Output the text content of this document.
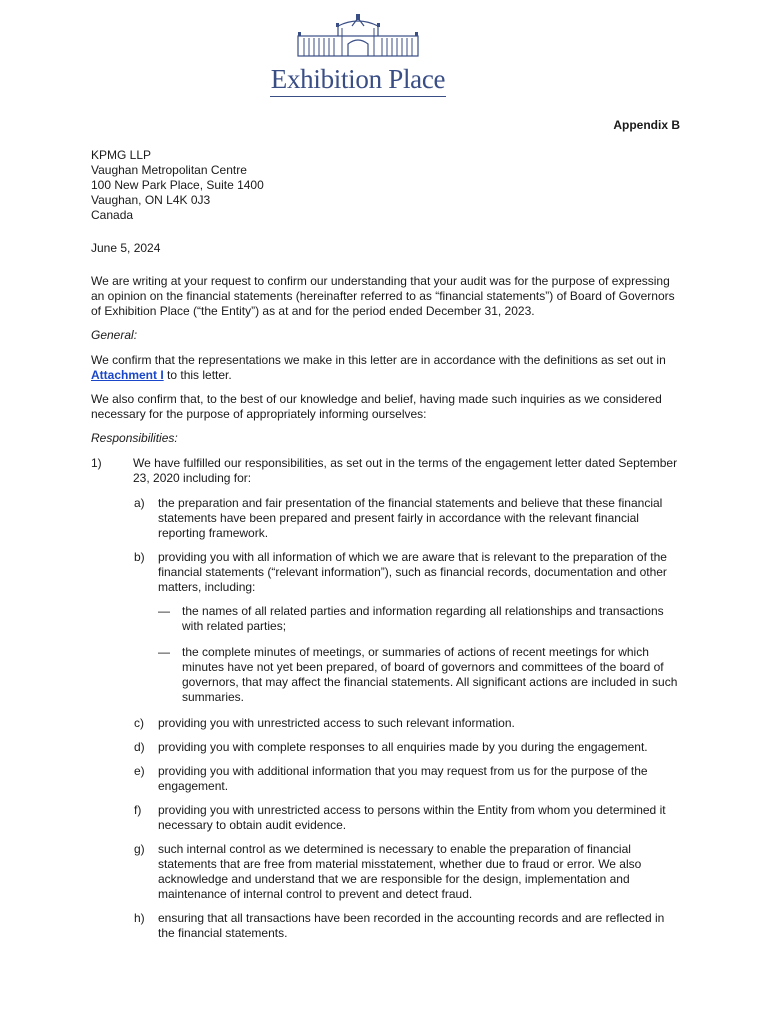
Exhibition Place
Appendix B
KPMG LLP
Vaughan Metropolitan Centre
100 New Park Place, Suite 1400
Vaughan, ON L4K 0J3
Canada

June 5, 2024

We are writing at your request to confirm our understanding that your audit was for the purpose of expressing an opinion on the financial statements (hereinafter referred to as “financial statements”) of Board of Governors of Exhibition Place (“the Entity”) as at and for the period ended December 31, 2023.

General:

We confirm that the representations we make in this letter are in accordance with the definitions as set out in Attachment I to this letter.

We also confirm that, to the best of our knowledge and belief, having made such inquiries as we considered necessary for the purpose of appropriately informing ourselves:

Responsibilities:

1)	We have fulfilled our responsibilities, as set out in the terms of the engagement letter dated September 23, 2020 including for:
a)	the preparation and fair presentation of the financial statements and believe that these financial statements have been prepared and present fairly in accordance with the relevant financial reporting framework.
b)	providing you with all information of which we are aware that is relevant to the preparation of the financial statements (“relevant information”), such as financial records, documentation and other matters, including:
—	the names of all related parties and information regarding all relationships and transactions with related parties;
—	the complete minutes of meetings, or summaries of actions of recent meetings for which minutes have not yet been prepared, of board of governors and committees of the board of governors, that may affect the financial statements. All significant actions are included in such summaries.
c)	providing you with unrestricted access to such relevant information.
d)	providing you with complete responses to all enquiries made by you during the engagement.
e)	providing you with additional information that you may request from us for the purpose of the engagement.
f)	providing you with unrestricted access to persons within the Entity from whom you determined it necessary to obtain audit evidence.
g)	such internal control as we determined is necessary to enable the preparation of financial statements that are free from material misstatement, whether due to fraud or error. We also acknowledge and understand that we are responsible for the design, implementation and maintenance of internal control to prevent and detect fraud.
h)	ensuring that all transactions have been recorded in the accounting records and are reflected in the financial statements.
